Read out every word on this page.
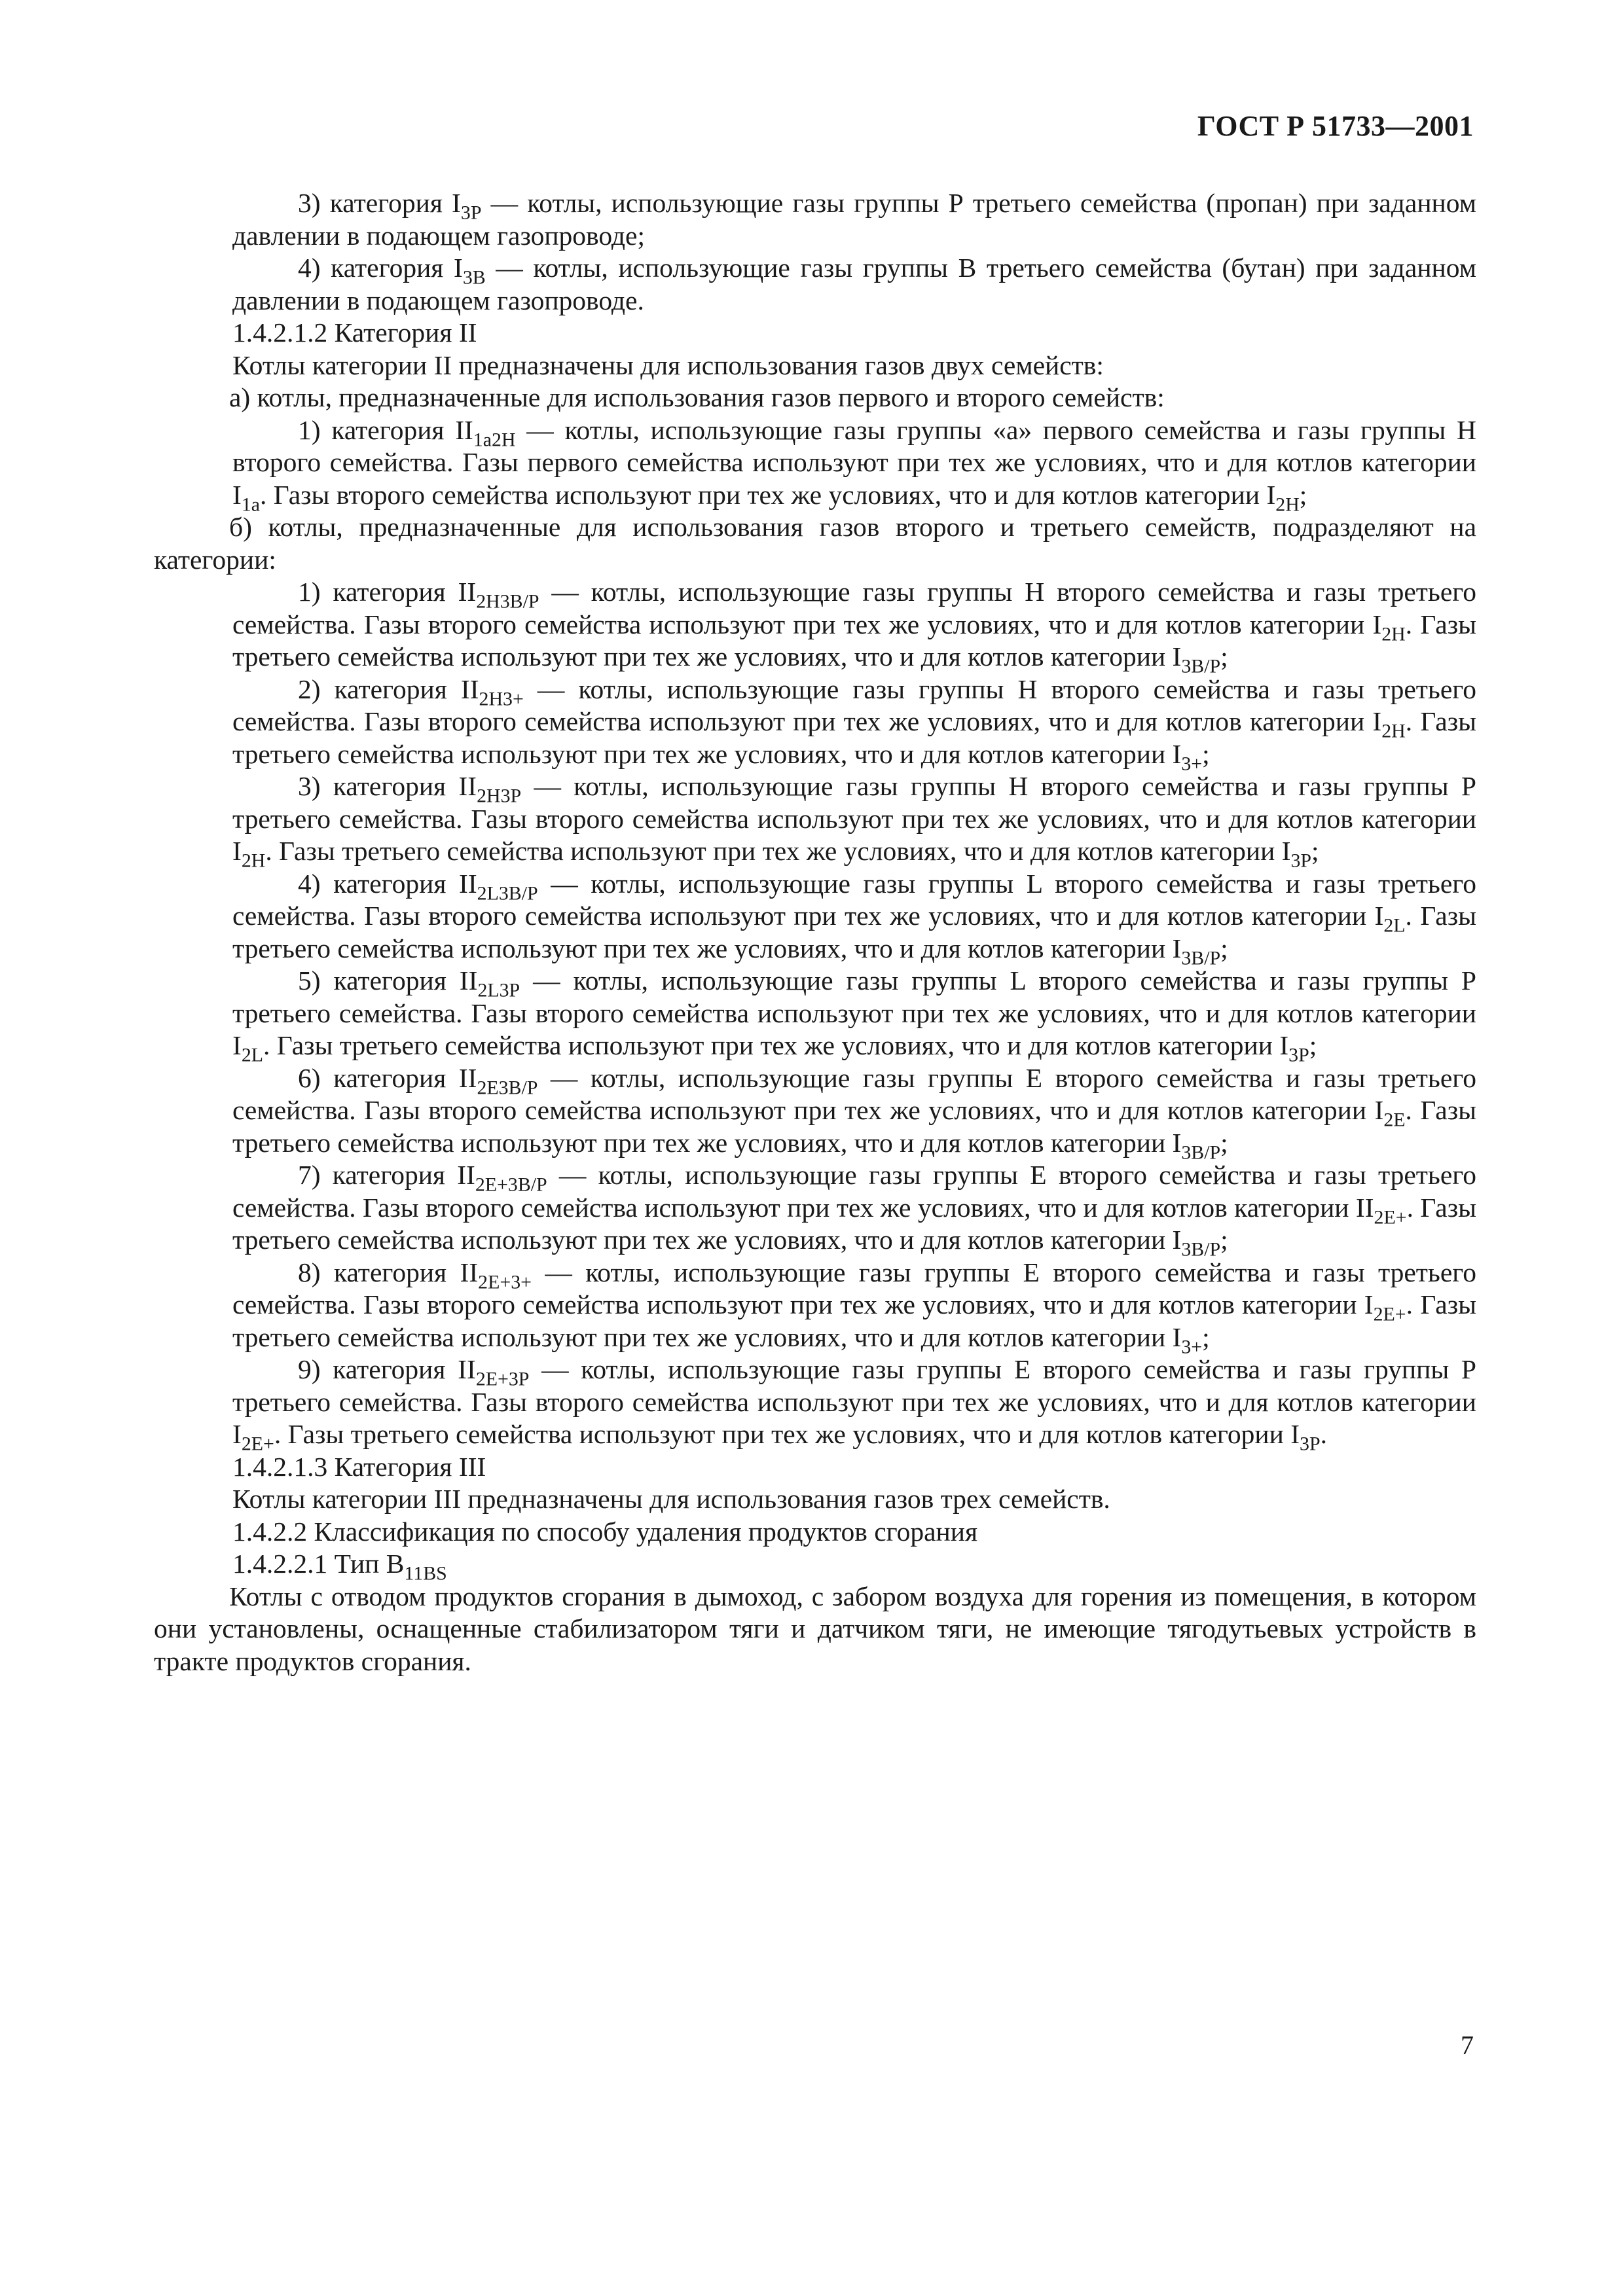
ГОСТ Р 51733—2001

3) категория $I_{3P}$ — котлы, использующие газы группы Р третьего семейства (пропан) при заданном давлении в подающем газопроводе;

4) категория $I_{3B}$ — котлы, использующие газы группы В третьего семейства (бутан) при заданном давлении в подающем газопроводе.

1.4.2.1.2 Категория II

Котлы категории II предназначены для использования газов двух семейств:

а) котлы, предназначенные для использования газов первого и второго семейств:

1) категория $II_{1a2H}$ — котлы, использующие газы группы «а» первого семейства и газы группы Н второго семейства. Газы первого семейства используют при тех же условиях, что и для котлов категории $I_{1a}$. Газы второго семейства используют при тех же условиях, что и для котлов категории $I_{2H}$;

б) котлы, предназначенные для использования газов второго и третьего семейств, подразделяют на категории:

1) категория $II_{2H3B/P}$ — котлы, использующие газы группы Н второго семейства и газы третьего семейства. Газы второго семейства используют при тех же условиях, что и для котлов категории $I_{2H}$. Газы третьего семейства используют при тех же условиях, что и для котлов категории $I_{3B/P}$;

2) категория $II_{2H3+}$ — котлы, использующие газы группы Н второго семейства и газы третьего семейства. Газы второго семейства используют при тех же условиях, что и для котлов категории $I_{2H}$. Газы третьего семейства используют при тех же условиях, что и для котлов категории $I_{3+}$;

3) категория $II_{2H3P}$ — котлы, использующие газы группы Н второго семейства и газы группы Р третьего семейства. Газы второго семейства используют при тех же условиях, что и для котлов категории $I_{2H}$. Газы третьего семейства используют при тех же условиях, что и для котлов категории $I_{3P}$;

4) категория $II_{2L3B/P}$ — котлы, использующие газы группы L второго семейства и газы третьего семейства. Газы второго семейства используют при тех же условиях, что и для котлов категории $I_{2L}$. Газы третьего семейства используют при тех же условиях, что и для котлов категории $I_{3B/P}$;

5) категория $II_{2L3P}$ — котлы, использующие газы группы L второго семейства и газы группы Р третьего семейства. Газы второго семейства используют при тех же условиях, что и для котлов категории $I_{2L}$. Газы третьего семейства используют при тех же условиях, что и для котлов категории $I_{3P}$;

6) категория $II_{2E3B/P}$ — котлы, использующие газы группы Е второго семейства и газы третьего семейства. Газы второго семейства используют при тех же условиях, что и для котлов категории $I_{2E}$. Газы третьего семейства используют при тех же условиях, что и для котлов категории $I_{3B/P}$;

7) категория $II_{2E+3B/P}$ — котлы, использующие газы группы Е второго семейства и газы третьего семейства. Газы второго семейства используют при тех же условиях, что и для котлов категории $II_{2E+}$. Газы третьего семейства используют при тех же условиях, что и для котлов категории $I_{3B/P}$;

8) категория $II_{2E+3+}$ — котлы, использующие газы группы Е второго семейства и газы третьего семейства. Газы второго семейства используют при тех же условиях, что и для котлов категории $I_{2E+}$. Газы третьего семейства используют при тех же условиях, что и для котлов категории $I_{3+}$;

9) категория $II_{2E+3P}$ — котлы, использующие газы группы Е второго семейства и газы группы Р третьего семейства. Газы второго семейства используют при тех же условиях, что и для котлов категории $I_{2E+}$. Газы третьего семейства используют при тех же условиях, что и для котлов категории $I_{3P}$.

1.4.2.1.3 Категория III

Котлы категории III предназначены для использования газов трех семейств.

1.4.2.2 Классификация по способу удаления продуктов сгорания

1.4.2.2.1 Тип $В_{11BS}$

Котлы с отводом продуктов сгорания в дымоход, с забором воздуха для горения из помещения, в котором они установлены, оснащенные стабилизатором тяги и датчиком тяги, не имеющие тягодутьевых устройств в тракте продуктов сгорания.

7
